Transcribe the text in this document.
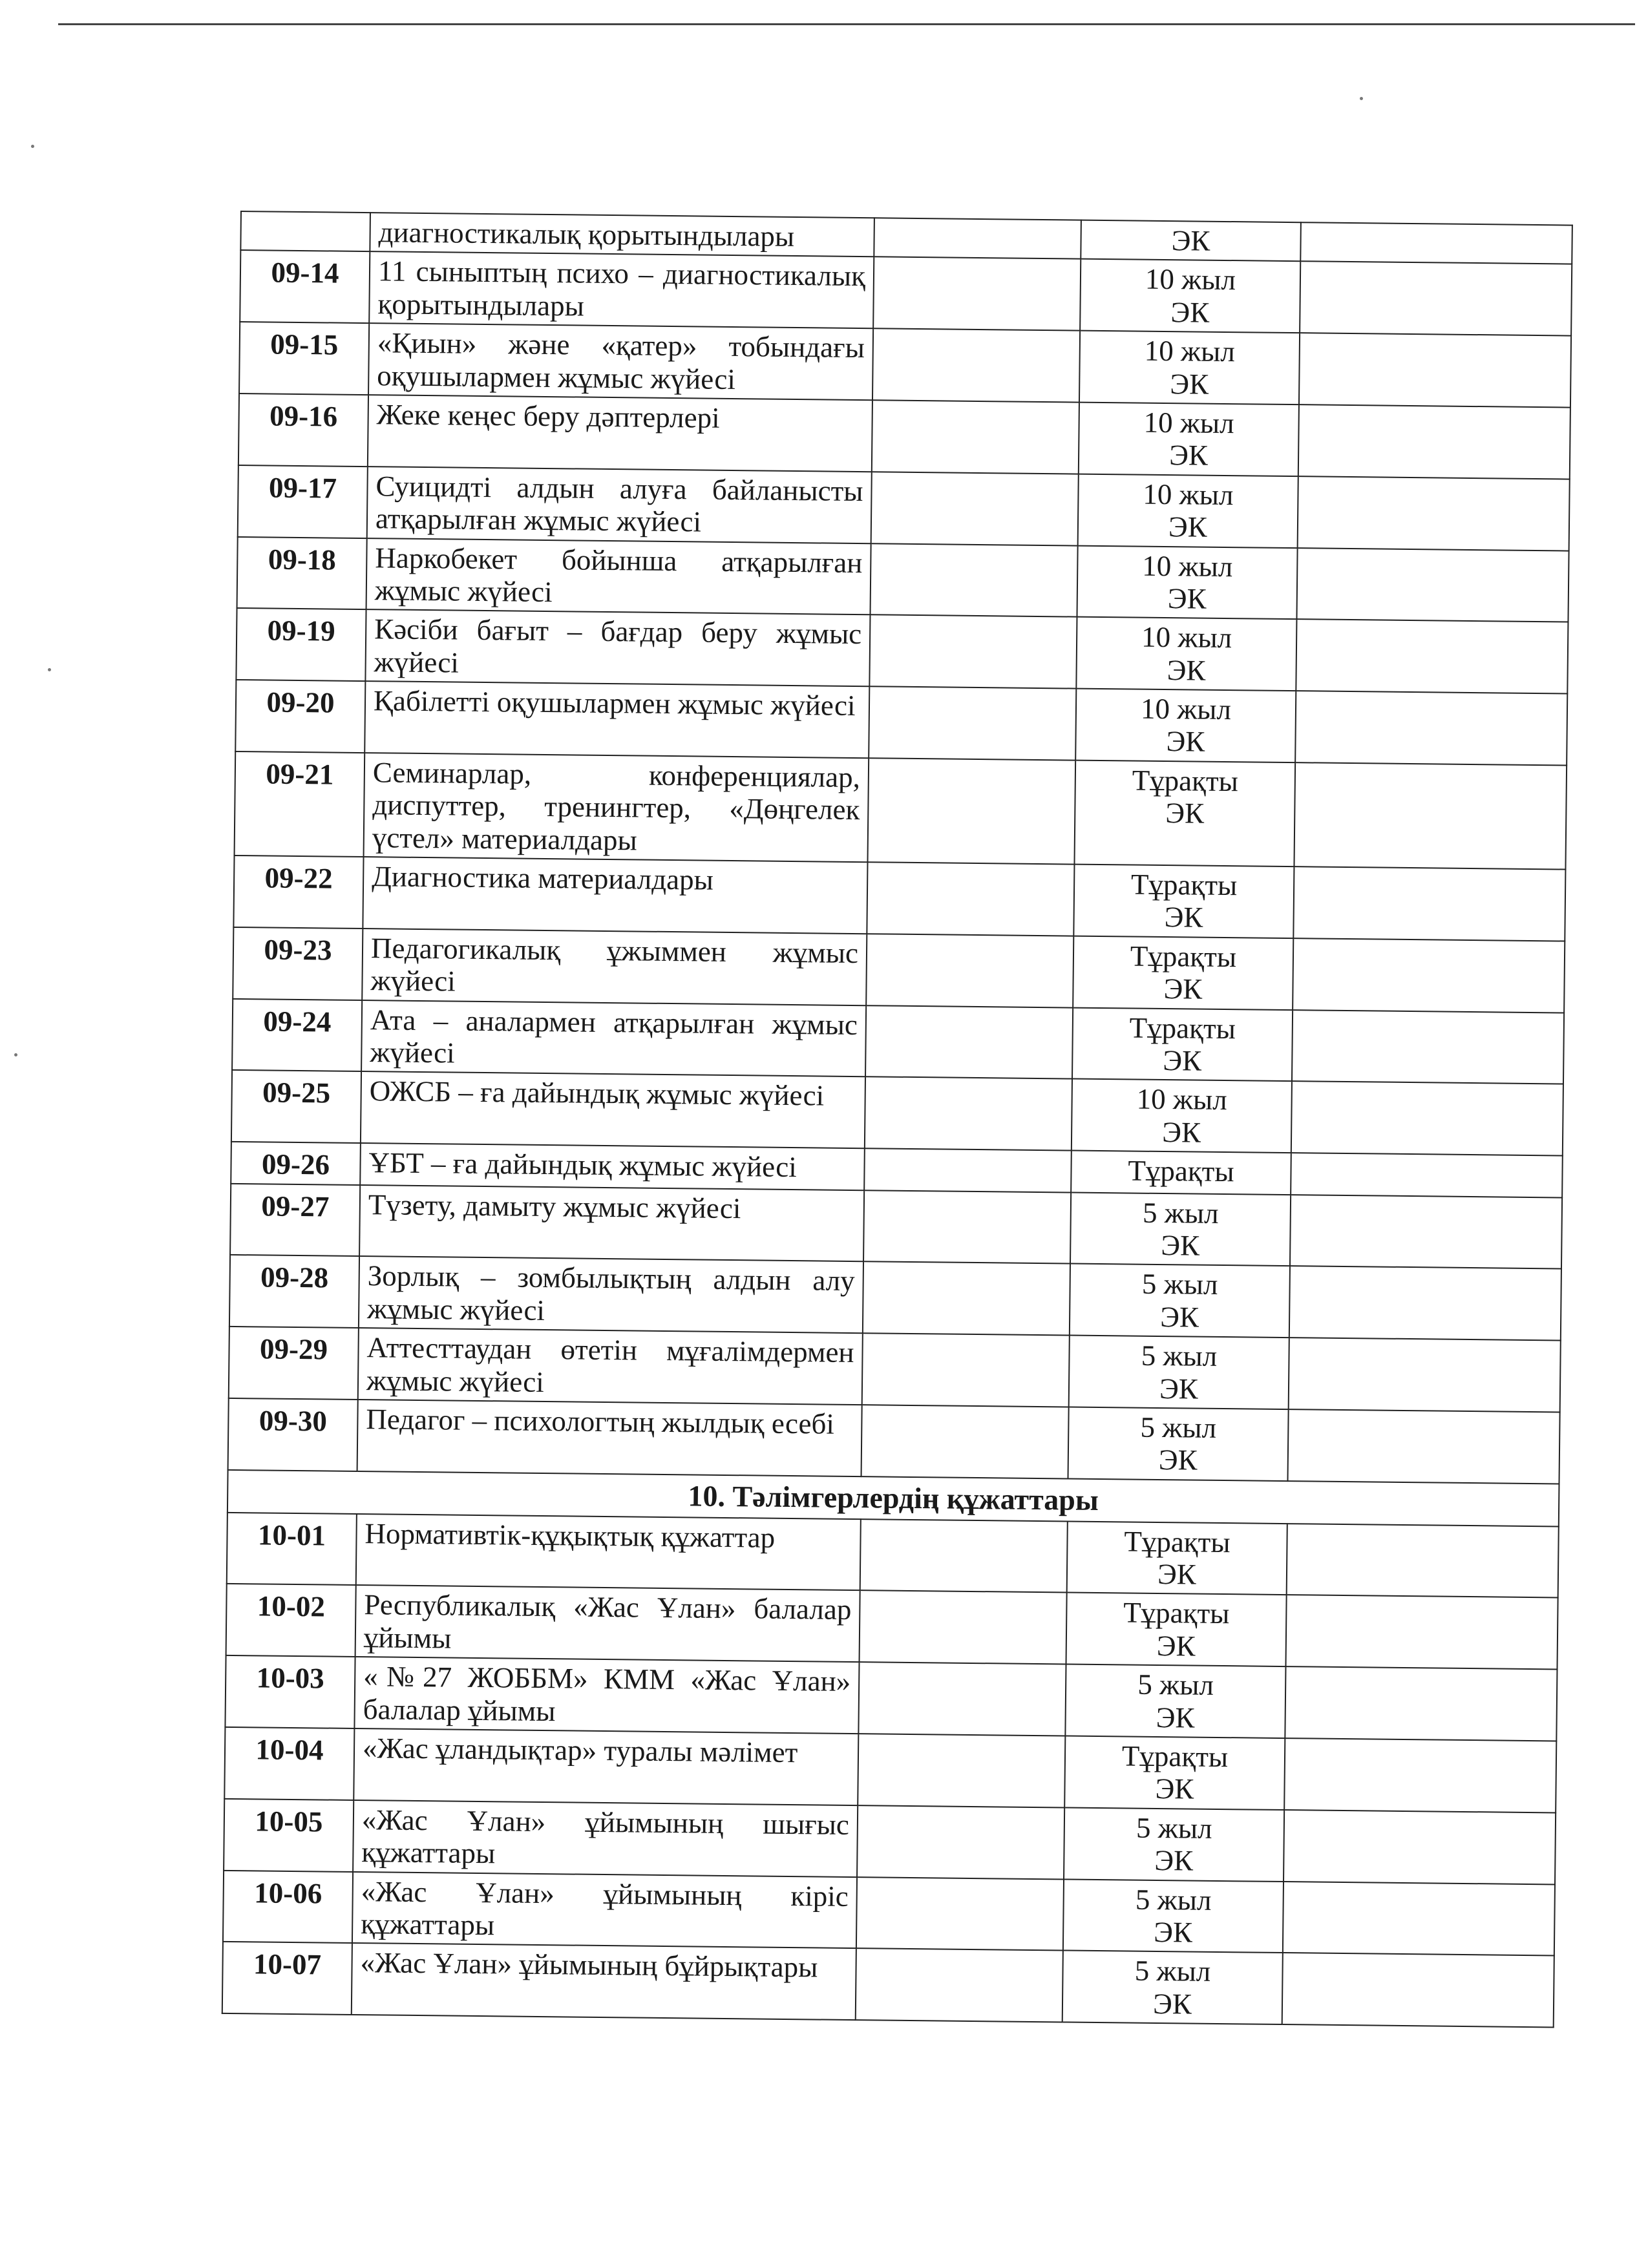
	диагностикалық қорытындылары		ЭК	

09-14	11 сыныптың психо – диагностикалық қорытындылары		10 жыл
ЭК	

09-15	«Қиын» және «қатер» тобындағы оқушылармен жұмыс жүйесі		10 жыл
ЭК	

09-16	Жеке кеңес беру дәптерлері		10 жыл
ЭК	

09-17	Суицидті алдын алуға байланысты атқарылған жұмыс жүйесі		10 жыл
ЭК	

09-18	Наркобекет бойынша атқарылған жұмыс жүйесі		10 жыл
ЭК	

09-19	Кәсіби бағыт – бағдар беру жұмыс жүйесі		10 жыл
ЭК	

09-20	Қабілетті оқушылармен жұмыс жүйесі		10 жыл
ЭК	

09-21	Семинарлар, конференциялар, диспуттер, тренингтер, «Дөңгелек үстел» материалдары		Тұрақты
ЭК	

09-22	Диагностика материалдары		Тұрақты
ЭК	

09-23	Педагогикалық ұжыммен жұмыс жүйесі		Тұрақты
ЭК	

09-24	Ата – аналармен атқарылған жұмыс жүйесі		Тұрақты
ЭК	

09-25	ОЖСБ – ға дайындық жұмыс жүйесі		10 жыл
ЭК	

09-26	ҰБТ – ға дайындық жұмыс жүйесі		Тұрақты	

09-27	Түзету, дамыту жұмыс жүйесі		5 жыл
ЭК	

09-28	Зорлық – зомбылықтың алдын алу жұмыс жүйесі		5 жыл
ЭК	

09-29	Аттесттаудан өтетін мұғалімдермен жұмыс жүйесі		5 жыл
ЭК	

09-30	Педагог – психологтың жылдық есебі		5 жыл
ЭК	

10. Тәлімгерлердің құжаттары				
10-01	Нормативтік-құқықтық құжаттар		Тұрақты
ЭК	

10-02	Республикалық «Жас Ұлан» балалар ұйымы		Тұрақты
ЭК	

10-03	«№27 ЖОББМ» КММ «Жас Ұлан» балалар ұйымы		5 жыл
ЭК	

10-04	«Жас ұландықтар» туралы мәлімет		Тұрақты
ЭК	

10-05	«Жас Ұлан» ұйымының шығыс құжаттары		5 жыл
ЭК	

10-06	«Жас Ұлан» ұйымының кіріс құжаттары		5 жыл
ЭК	

10-07	«Жас Ұлан» ұйымының бұйрықтары		5 жыл
ЭК	
